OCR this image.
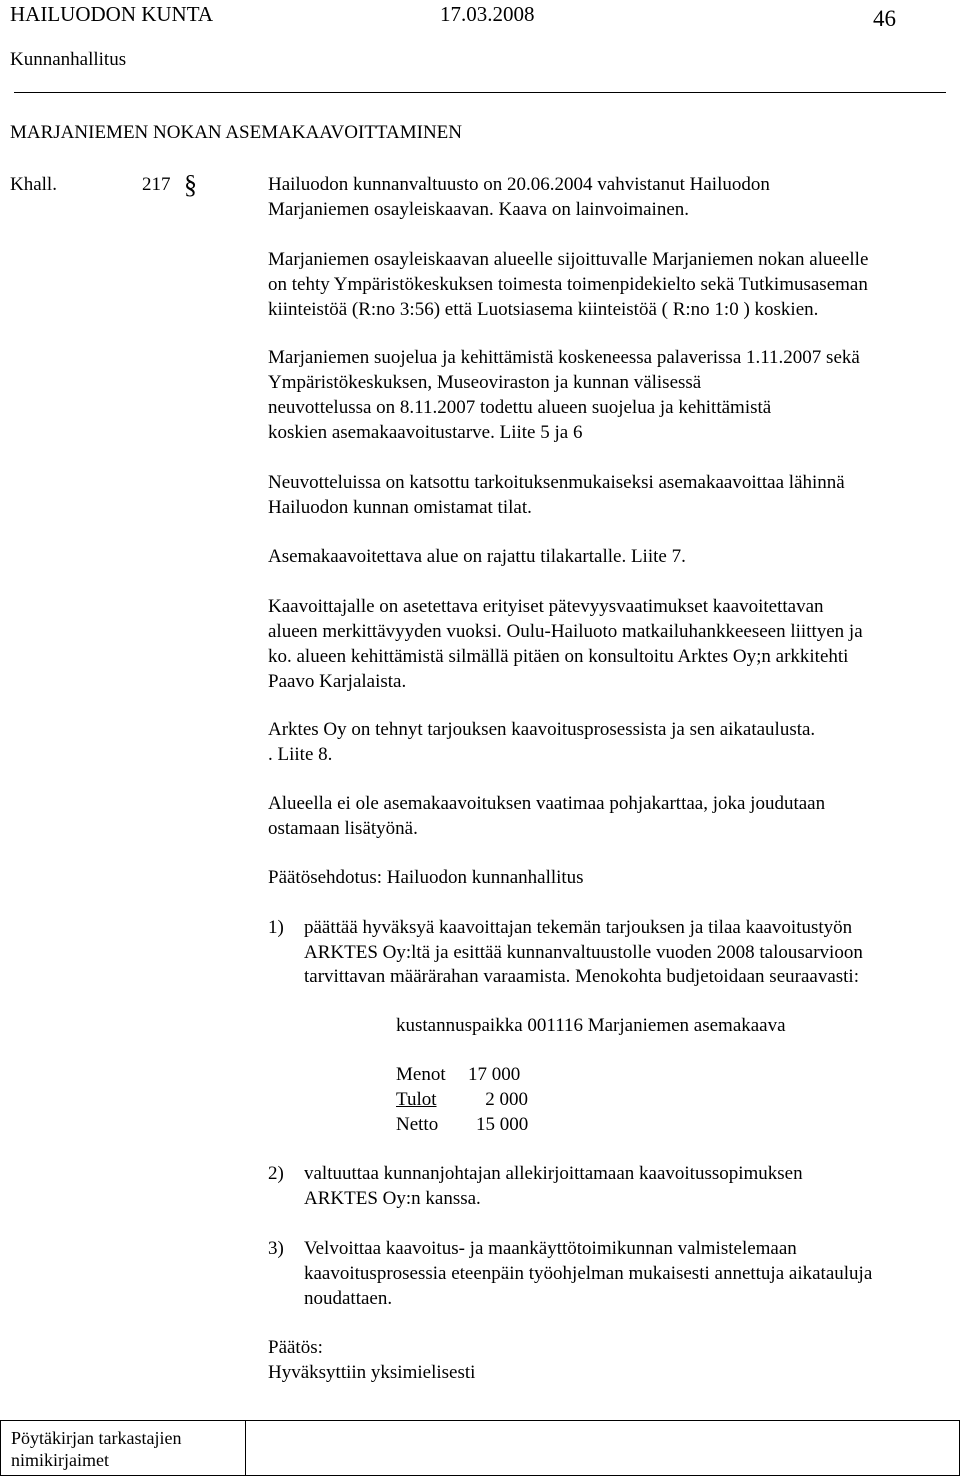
HAILUODON KUNTA	17.03.2008	46
Kunnanhallitus
MARJANIEMEN NOKAN ASEMAKAAVOITTAMINEN
Khall.	217 §	Hailuodon kunnanvaltuusto on 20.06.2004 vahvistanut Hailuodon
Marjaniemen osayleiskaavan. Kaava on lainvoimainen.
Marjaniemen osayleiskaavan alueelle sijoittuvalle Marjaniemen nokan alueelle
on tehty Ympäristökeskuksen toimesta toimenpidekielto sekä Tutkimusaseman
kiinteistöä (R:no 3:56) että Luotsiasema kiinteistöä ( R:no 1:0 ) koskien.
Marjaniemen suojelua ja kehittämistä koskeneessa palaverissa 1.11.2007 sekä
Ympäristökeskuksen, Museoviraston ja kunnan välisessä
neuvottelussa on 8.11.2007 todettu alueen suojelua ja kehittämistä
koskien asemakaavoitustarve. Liite 5 ja 6
Neuvotteluissa on katsottu tarkoituksenmukaiseksi asemakaavoittaa lähinnä
Hailuodon kunnan omistamat tilat.
Asemakaavoitettava alue on rajattu tilakartalle. Liite 7.
Kaavoittajalle on asetettava erityiset pätevyysvaatimukset kaavoitettavan
alueen merkittävyyden vuoksi. Oulu-Hailuoto matkailuhankkeeseen liittyen ja
ko. alueen kehittämistä silmällä pitäen on konsultoitu Arktes Oy;n arkkitehti
Paavo Karjalaista.
Arktes Oy on tehnyt tarjouksen kaavoitusprosessista ja sen aikataulusta.
. Liite 8.
Alueella ei ole asemakaavoituksen vaatimaa pohjakarttaa, joka joudutaan
ostamaan lisätyönä.
Päätösehdotus: Hailuodon kunnanhallitus
1) päättää hyväksyä kaavoittajan tekemän tarjouksen ja tilaa kaavoitustyön
ARKTES Oy:ltä ja esittää kunnanvaltuustolle vuoden 2008 talousarvioon
tarvittavan määrärahan varaamista. Menokohta budjetoidaan seuraavasti:
kustannuspaikka 001116 Marjaniemen asemakaava
Menot 17 000
Tulot	2 000
Netto 15 000
2) valtuuttaa kunnanjohtajan allekirjoittamaan kaavoitussopimuksen
ARKTES Oy:n kanssa.
3) Velvoittaa kaavoitus- ja maankäyttötoimikunnan valmistelemaan
kaavoitusprosessia eteenpäin työohjelman mukaisesti annettuja aikatauluja
noudattaen.
Päätös:
Hyväksyttiin yksimielisesti
Pöytäkirjan tarkastajien
nimikirjaimet
